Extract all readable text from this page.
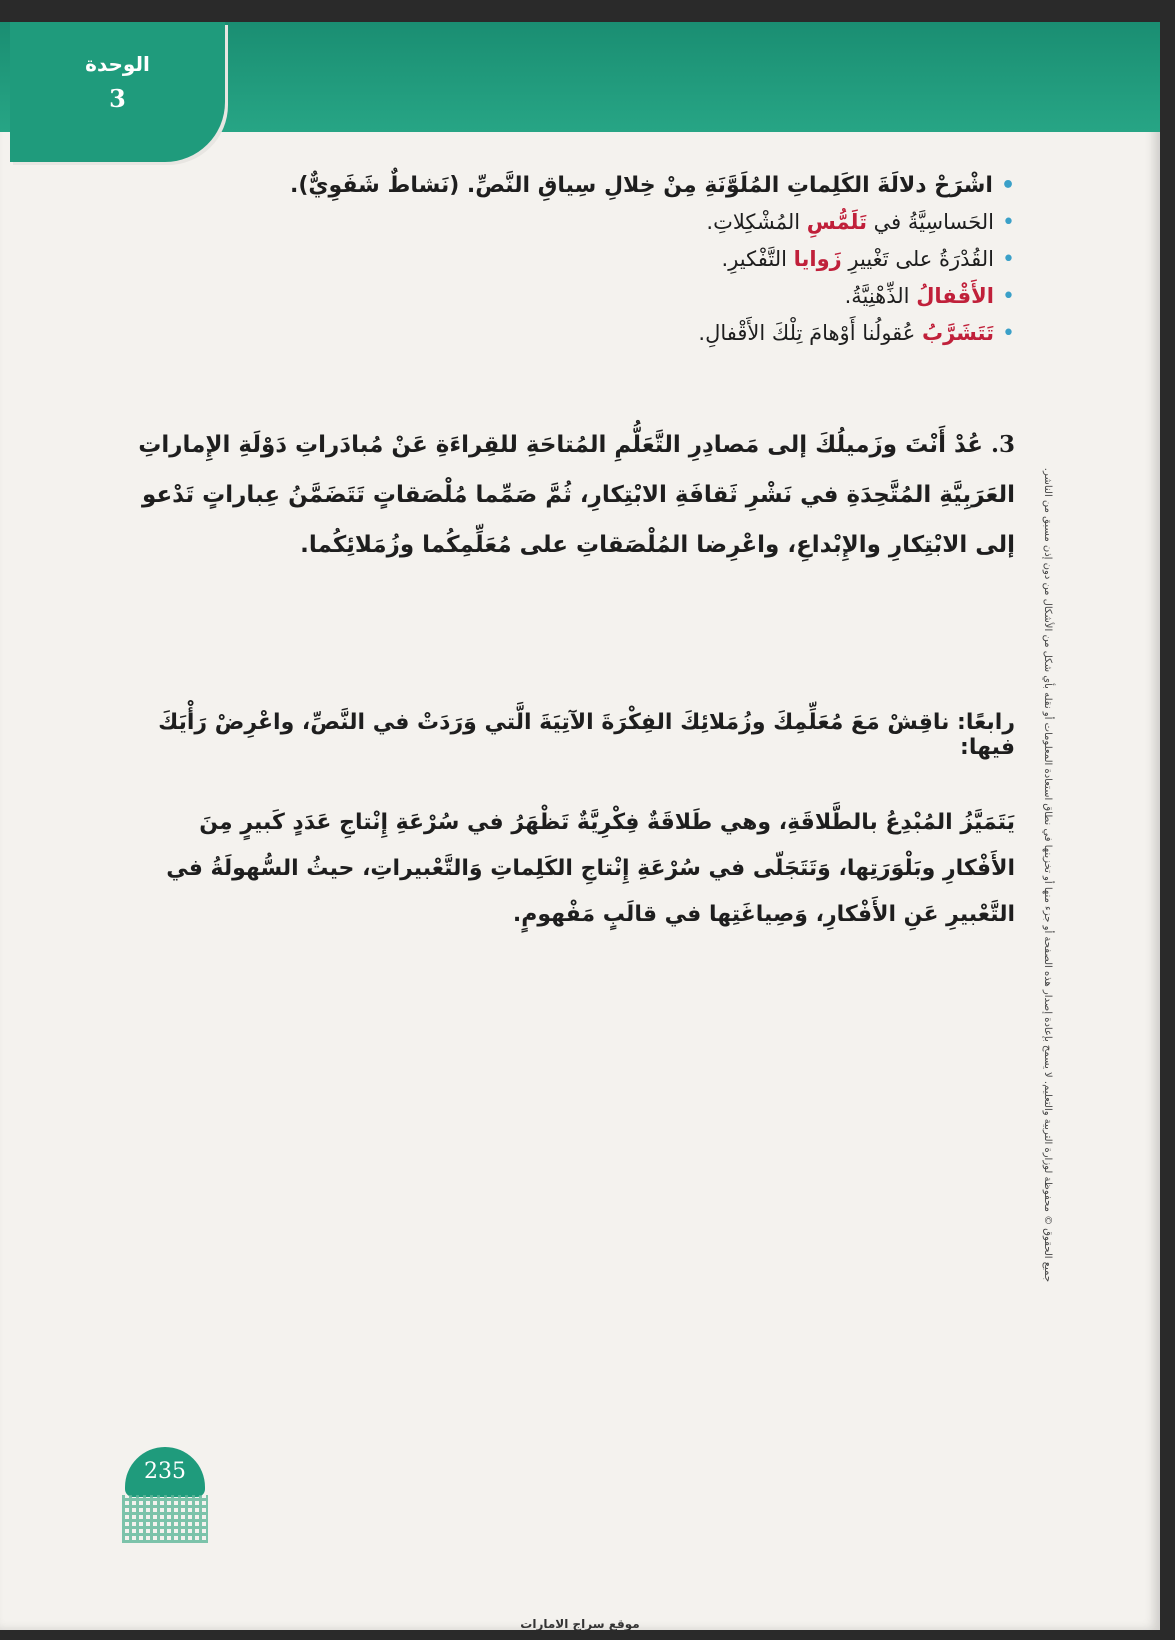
الوحدة
3
•اشْرَحْ دلالَةَ الكَلِماتِ المُلَوَّنَةِ مِنْ خِلالِ سِياقِ النَّصِّ. (نَشاطٌ شَفَوِيٌّ).
•الحَساسِيَّةُ في تَلَمُّسِ المُشْكِلاتِ.
•القُدْرَةُ على تَغْييرِ زَوايا التَّفْكيرِ.
•الأَقْفالُ الذِّهْنِيَّةُ.
•تَتَشَرَّبُ عُقولُنا أَوْهامَ تِلْكَ الأَقْفالِ.

3.عُدْ أَنْتَ وزَميلُكَ إلى مَصادِرِ التَّعَلُّمِ المُتاحَةِ للقِراءَةِ عَنْ مُبادَراتِ دَوْلَةِ الإِماراتِ العَرَبِيَّةِ المُتَّحِدَةِ في نَشْرِ ثَقافَةِ الابْتِكارِ، ثُمَّ صَمِّما مُلْصَقاتٍ تَتَضَمَّنُ عِباراتٍ تَدْعو إلى الابْتِكارِ والإِبْداعِ، واعْرِضا المُلْصَقاتِ على مُعَلِّمِكُما وزُمَلائِكُما.

رابعًا: ناقِشْ مَعَ مُعَلِّمِكَ وزُمَلائِكَ الفِكْرَةَ الآتِيَةَ الَّتي وَرَدَتْ في النَّصِّ، واعْرِضْ رَأْيَكَ فيها:

يَتَمَيَّزُ المُبْدِعُ بالطَّلاقَةِ، وهي طَلاقَةٌ فِكْرِيَّةٌ تَظْهَرُ في سُرْعَةِ إِنْتاجِ عَدَدٍ كَبيرٍ مِنَ الأَفْكارِ وبَلْوَرَتِها، وَتَتَجَلّى في سُرْعَةِ إِنْتاجِ الكَلِماتِ وَالتَّعْبيراتِ، حيثُ السُّهولَةُ في التَّعْبيرِ عَنِ الأَفْكارِ، وَصِياغَتِها في قالَبٍ مَفْهومٍ.	جميع الحقوق © محفوظة لوزارة التربية والتعليم. لا يسمح بإعادة إصدار هذه الصفحة أو جزء منها أو تخزينها في نطاق استعادة المعلومات أو نقله بأي شكل من الأشكال من دون إذن مسبق من الناشر.
235
موقع سراج الامارات
